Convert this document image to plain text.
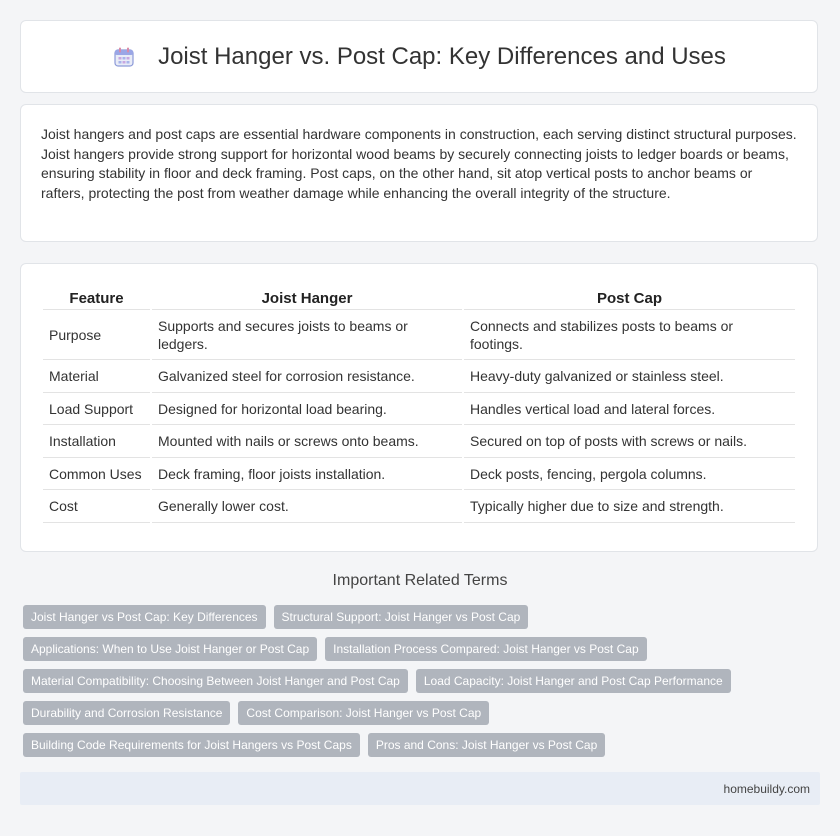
Joist Hanger vs. Post Cap: Key Differences and Uses

Joist hangers and post caps are essential hardware components in construction, each serving distinct structural purposes. Joist hangers provide strong support for horizontal wood beams by securely connecting joists to ledger boards or beams, ensuring stability in floor and deck framing. Post caps, on the other hand, sit atop vertical posts to anchor beams or rafters, protecting the post from weather damage while enhancing the overall integrity of the structure.

Feature	Joist Hanger	Post Cap
Purpose	Supports and secures joists to beams or ledgers.	Connects and stabilizes posts to beams or footings.
Material	Galvanized steel for corrosion resistance.	Heavy-duty galvanized or stainless steel.
Load Support	Designed for horizontal load bearing.	Handles vertical load and lateral forces.
Installation	Mounted with nails or screws onto beams.	Secured on top of posts with screws or nails.
Common Uses	Deck framing, floor joists installation.	Deck posts, fencing, pergola columns.
Cost	Generally lower cost.	Typically higher due to size and strength.
Important Related Terms
Joist Hanger vs Post Cap: Key Differences	Structural Support: Joist Hanger vs Post Cap
Applications: When to Use Joist Hanger or Post Cap	Installation Process Compared: Joist Hanger vs Post Cap
Material Compatibility: Choosing Between Joist Hanger and Post Cap	Load Capacity: Joist Hanger and Post Cap Performance
Durability and Corrosion Resistance	Cost Comparison: Joist Hanger vs Post Cap
Building Code Requirements for Joist Hangers vs Post Caps	Pros and Cons: Joist Hanger vs Post Cap
homebuildy.com
